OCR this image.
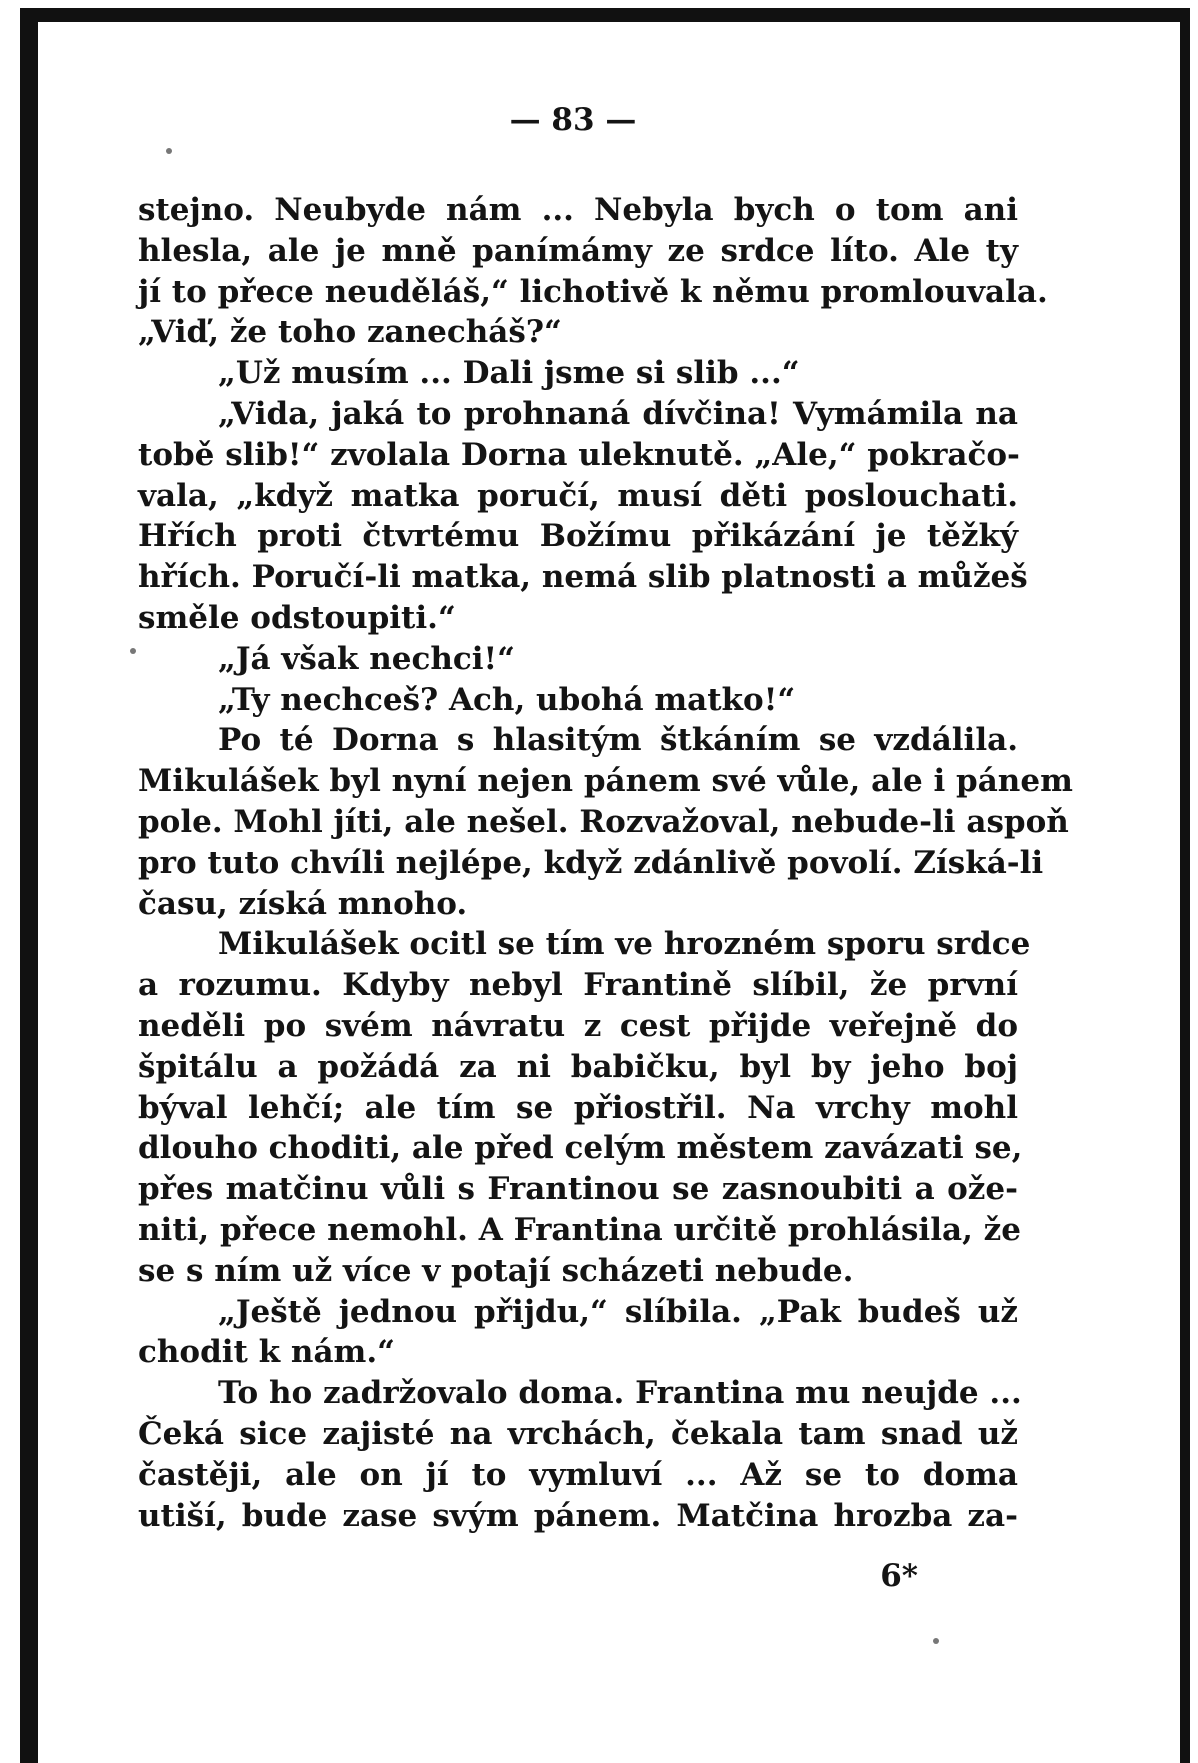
— 83 —
stejno. Neubyde nám ... Nebyla bych o tom ani
hlesla, ale je mně panímámy ze srdce líto. Ale ty
jí to přece neuděláš,“ lichotivě k němu promlouvala.
„Viď, že toho zanecháš?“
„Už musím ... Dali jsme si slib ...“
„Vida, jaká to prohnaná dívčina! Vymámila na
tobě slib!“ zvolala Dorna uleknutě. „Ale,“ pokračo-
vala, „když matka poručí, musí děti poslouchati.
Hřích proti čtvrtému Božímu přikázání je těžký
hřích. Poručí-li matka, nemá slib platnosti a můžeš
směle odstoupiti.“
„Já však nechci!“
„Ty nechceš? Ach, ubohá matko!“
Po té Dorna s hlasitým štkáním se vzdálila.
Mikulášek byl nyní nejen pánem své vůle, ale i pánem
pole. Mohl jíti, ale nešel. Rozvažoval, nebude-li aspoň
pro tuto chvíli nejlépe, když zdánlivě povolí. Získá-li
času, získá mnoho.
Mikulášek ocitl se tím ve hrozném sporu srdce
a rozumu. Kdyby nebyl Frantině slíbil, že první
neděli po svém návratu z cest přijde veřejně do
špitálu a požádá za ni babičku, byl by jeho boj
býval lehčí; ale tím se přiostřil. Na vrchy mohl
dlouho choditi, ale před celým městem zavázati se,
přes matčinu vůli s Frantinou se zasnoubiti a ože-
niti, přece nemohl. A Frantina určitě prohlásila, že
se s ním už více v potají scházeti nebude.
„Ještě jednou přijdu,“ slíbila. „Pak budeš už
chodit k nám.“
To ho zadržovalo doma. Frantina mu neujde ...
Čeká sice zajisté na vrchách, čekala tam snad už
častěji, ale on jí to vymluví ... Až se to doma
utiší, bude zase svým pánem. Matčina hrozba za-
6*
